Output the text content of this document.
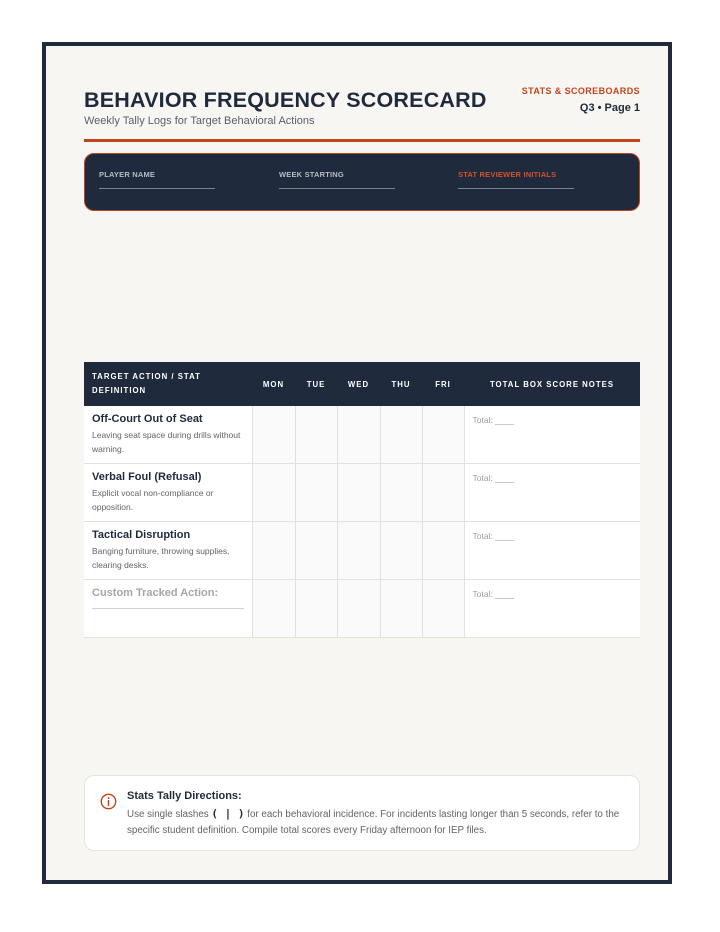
BEHAVIOR FREQUENCY SCORECARD
Weekly Tally Logs for Target Behavioral Actions
STATS & SCOREBOARDS
Q3 • Page 1
PLAYER NAME	WEEK STARTING	STAT REVIEWER INITIALS
TARGET ACTION / STAT DEFINITION	MON	TUE	WED	THU	FRI	TOTAL BOX SCORE NOTES

Off-Court Out of Seat
Leaving seat space during drills without warning.						Total: ____

Verbal Foul (Refusal)
Explicit vocal non-compliance or opposition.						Total: ____

Tactical Disruption
Banging furniture, throwing supplies, clearing desks.						Total: ____

Custom Tracked Action:						Total: ____
Stats Tally Directions:
Use single slashes ( | ) for each behavioral incidence. For incidents lasting longer than 5 seconds, refer to the specific student definition. Compile total scores every Friday afternoon for IEP files.
